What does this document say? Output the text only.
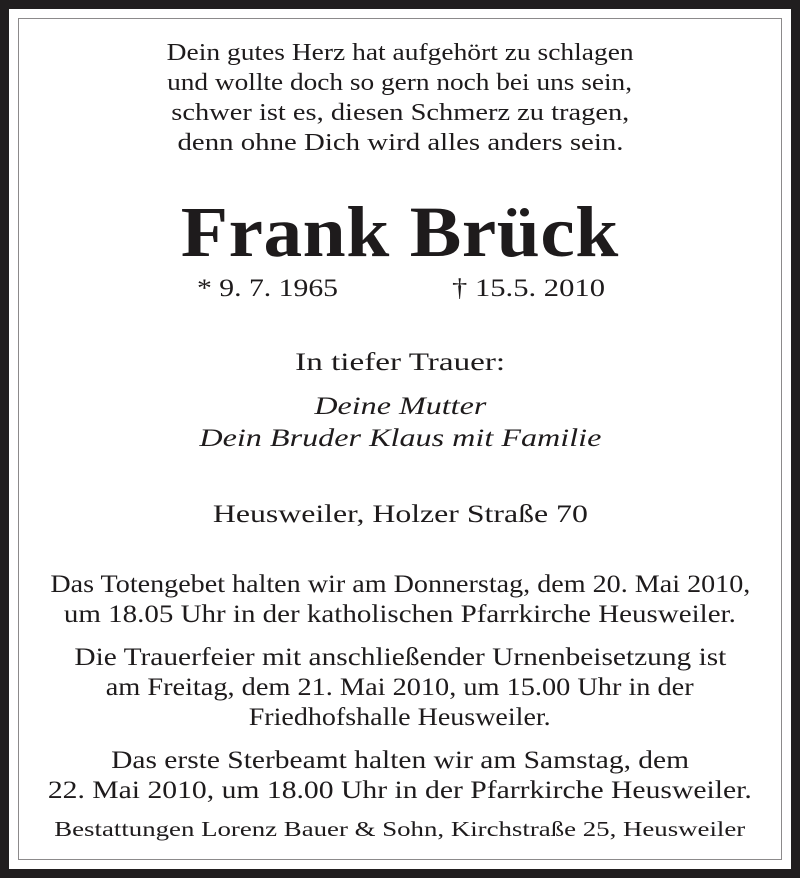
Dein gutes Herz hat aufgehört zu schlagen
und wollte doch so gern noch bei uns sein,
schwer ist es, diesen Schmerz zu tragen,
denn ohne Dich wird alles anders sein.
Frank Brück
* 9. 7. 1965	† 15.5. 2010
In tiefer Trauer:
Deine Mutter
Dein Bruder Klaus mit Familie
Heusweiler, Holzer Straße 70
Das Totengebet halten wir am Donnerstag, dem 20. Mai 2010,
um 18.05 Uhr in der katholischen Pfarrkirche Heusweiler.
Die Trauerfeier mit anschließender Urnenbeisetzung ist
am Freitag, dem 21. Mai 2010, um 15.00 Uhr in der
Friedhofshalle Heusweiler.
Das erste Sterbeamt halten wir am Samstag, dem
22. Mai 2010, um 18.00 Uhr in der Pfarrkirche Heusweiler.
Bestattungen Lorenz Bauer & Sohn, Kirchstraße 25, Heusweiler
